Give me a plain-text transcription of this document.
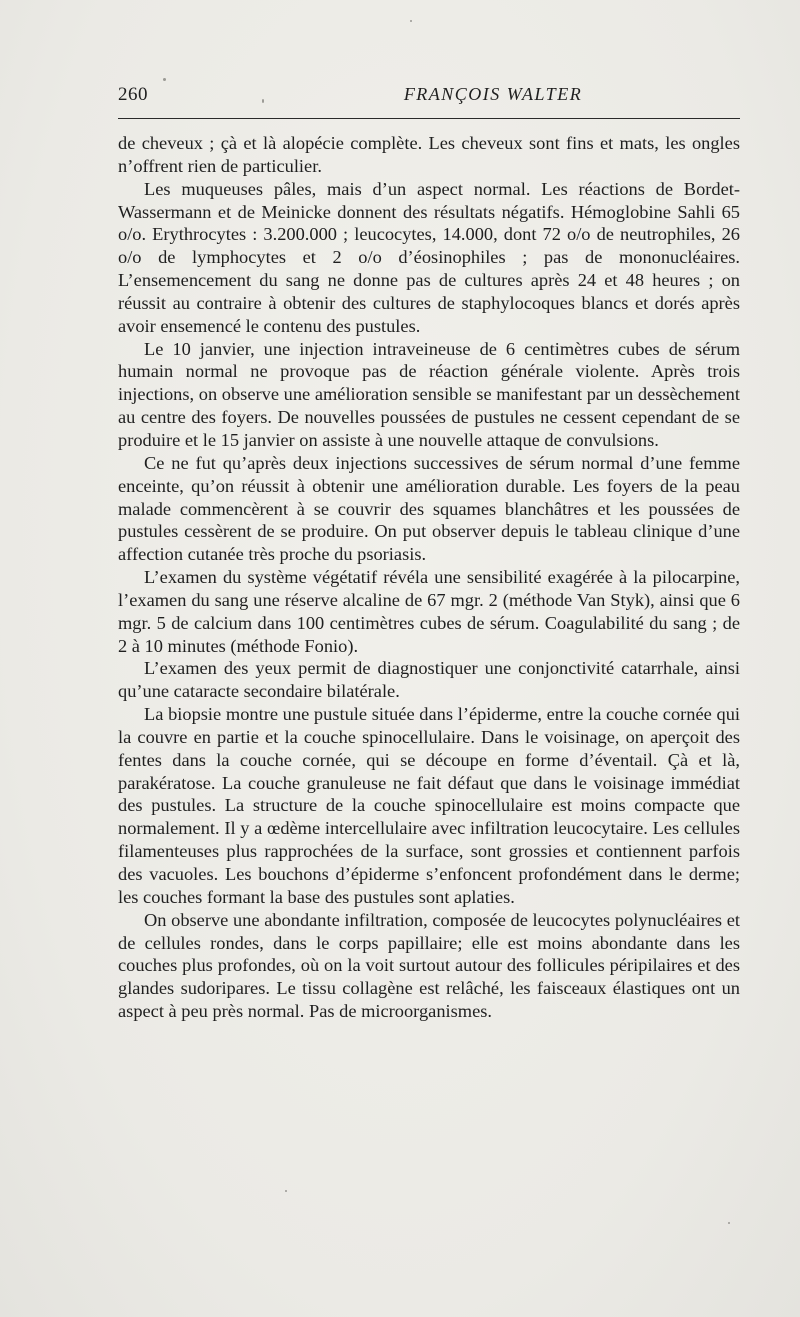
260	FRANÇOIS WALTER

de cheveux ; çà et là alopécie complète. Les cheveux sont fins et mats, les ongles n’offrent rien de particulier.

Les muqueuses pâles, mais d’un aspect normal. Les réactions de Bordet-Wassermann et de Meinicke donnent des résultats négatifs. Hémoglobine Sahli 65 o/o. Erythrocytes : 3.200.000 ; leucocytes, 14.000, dont 72 o/o de neutrophiles, 26 o/o de lymphocytes et 2 o/o d’éosinophiles ; pas de mononucléaires. L’ensemencement du sang ne donne pas de cultures après 24 et 48 heures ; on réussit au contraire à obtenir des cultures de staphylocoques blancs et dorés après avoir ensemencé le contenu des pustules.

Le 10 janvier, une injection intraveineuse de 6 centimètres cubes de sérum humain normal ne provoque pas de réaction générale violente. Après trois injections, on observe une amélioration sensible se manifestant par un dessèchement au centre des foyers. De nouvelles poussées de pustules ne cessent cependant de se produire et le 15 janvier on assiste à une nouvelle attaque de convulsions.

Ce ne fut qu’après deux injections successives de sérum normal d’une femme enceinte, qu’on réussit à obtenir une amélioration durable. Les foyers de la peau malade commencèrent à se couvrir des squames blanchâtres et les poussées de pustules cessèrent de se produire. On put observer depuis le tableau clinique d’une affection cutanée très proche du psoriasis.

L’examen du système végétatif révéla une sensibilité exagérée à la pilocarpine, l’examen du sang une réserve alcaline de 67 mgr. 2 (méthode Van Styk), ainsi que 6 mgr. 5 de calcium dans 100 centimètres cubes de sérum. Coagulabilité du sang ; de 2 à 10 minutes (méthode Fonio).

L’examen des yeux permit de diagnostiquer une conjonctivité catarrhale, ainsi qu’une cataracte secondaire bilatérale.

La biopsie montre une pustule située dans l’épiderme, entre la couche cornée qui la couvre en partie et la couche spinocellulaire. Dans le voisinage, on aperçoit des fentes dans la couche cornée, qui se découpe en forme d’éventail. Çà et là, parakératose. La couche granuleuse ne fait défaut que dans le voisinage immédiat des pustules. La structure de la couche spinocellulaire est moins compacte que normalement. Il y a œdème intercellulaire avec infiltration leucocytaire. Les cellules filamenteuses plus rapprochées de la surface, sont grossies et contiennent parfois des vacuoles. Les bouchons d’épiderme s’enfoncent profondément dans le derme; les couches formant la base des pustules sont aplaties.

On observe une abondante infiltration, composée de leucocytes polynucléaires et de cellules rondes, dans le corps papillaire; elle est moins abondante dans les couches plus profondes, où on la voit surtout autour des follicules péripilaires et des glandes sudoripares. Le tissu collagène est relâché, les faisceaux élastiques ont un aspect à peu près normal. Pas de microorganismes.
